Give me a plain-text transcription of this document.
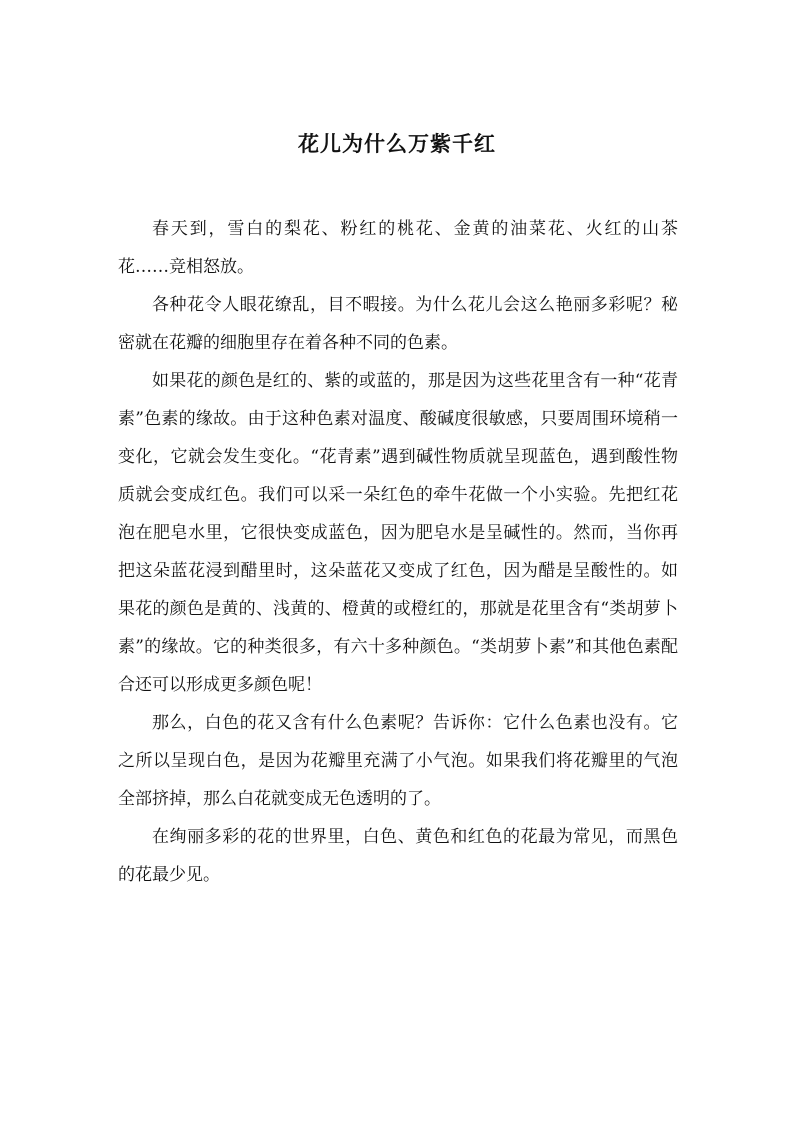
花儿为什么万紫千红

春天到，雪白的梨花、粉红的桃花、金黄的油菜花、火红的山茶花……竞相怒放。

各种花令人眼花缭乱，目不暇接。为什么花儿会这么艳丽多彩呢？秘密就在花瓣的细胞里存在着各种不同的色素。

如果花的颜色是红的、紫的或蓝的，那是因为这些花里含有一种“花青素”色素的缘故。由于这种色素对温度、酸碱度很敏感，只要周围环境稍一变化，它就会发生变化。“花青素”遇到碱性物质就呈现蓝色，遇到酸性物质就会变成红色。我们可以采一朵红色的牵牛花做一个小实验。先把红花泡在肥皂水里，它很快变成蓝色，因为肥皂水是呈碱性的。然而，当你再把这朵蓝花浸到醋里时，这朵蓝花又变成了红色，因为醋是呈酸性的。如果花的颜色是黄的、浅黄的、橙黄的或橙红的，那就是花里含有“类胡萝卜素”的缘故。它的种类很多，有六十多种颜色。“类胡萝卜素”和其他色素配合还可以形成更多颜色呢！

那么，白色的花又含有什么色素呢？告诉你：它什么色素也没有。它之所以呈现白色，是因为花瓣里充满了小气泡。如果我们将花瓣里的气泡全部挤掉，那么白花就变成无色透明的了。

在绚丽多彩的花的世界里，白色、黄色和红色的花最为常见，而黑色的花最少见。
